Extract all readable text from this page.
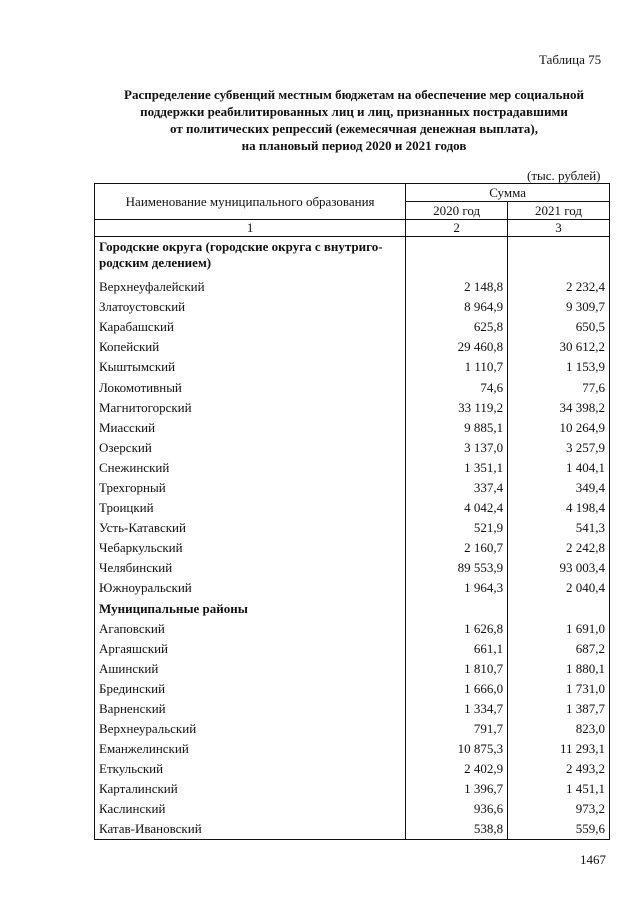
Таблица 75
Распределение субвенций местным бюджетам на обеспечение мер социальной
поддержки реабилитированных лиц и лиц, признанных пострадавшими
от политических репрессий (ежемесячная денежная выплата),
на плановый период 2020 и 2021 годов
(тыс. рублей)
Наименование муниципального образования	Сумма	
	2020 год	2021 год
1	2	3

Городские округа (городские округа с внутриго-
родским делением)		

Верхнеуфалейский	2 148,8	2 232,4
Златоустовский	8 964,9	9 309,7
Карабашский	625,8	650,5
Копейский	29 460,8	30 612,2
Кыштымский	1 110,7	1 153,9
Локомотивный	74,6	77,6
Магнитогорский	33 119,2	34 398,2
Миасский	9 885,1	10 264,9
Озерский	3 137,0	3 257,9
Снежинский	1 351,1	1 404,1
Трехгорный	337,4	349,4
Троицкий	4 042,4	4 198,4
Усть-Катавский	521,9	541,3
Чебаркульский	2 160,7	2 242,8
Челябинский	89 553,9	93 003,4
Южноуральский	1 964,3	2 040,4

Муниципальные районы		

Агаповский	1 626,8	1 691,0
Аргаяшский	661,1	687,2
Ашинский	1 810,7	1 880,1
Брединский	1 666,0	1 731,0
Варненский	1 334,7	1 387,7
Верхнеуральский	791,7	823,0
Еманжелинский	10 875,3	11 293,1
Еткульский	2 402,9	2 493,2
Карталинский	1 396,7	1 451,1
Каслинский	936,6	973,2
Катав-Ивановский	538,8	559,6
1467
